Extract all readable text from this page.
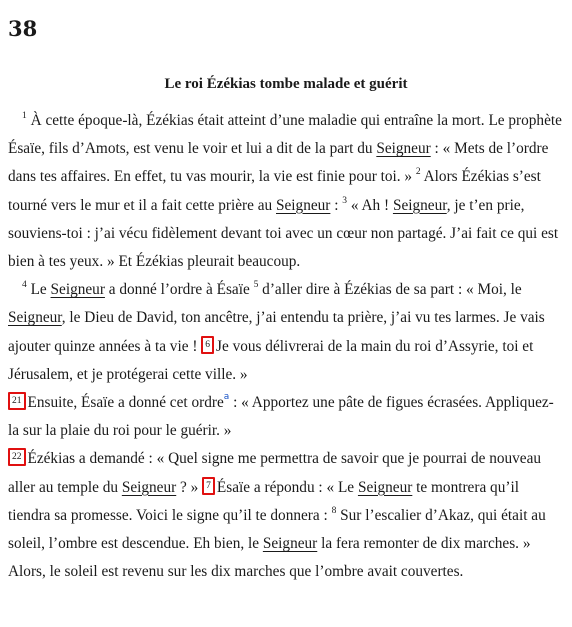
38
Le roi Ézékias tombe malade et guérit

$^1$ À cette époque-là, Ézékias était atteint d’une maladie qui entraîne la mort. Le prophète Ésaïe, fils d’Amots, est venu le voir et lui a dit de la part du Seigneur : « Mets de l’ordre dans tes affaires. En effet, tu vas mourir, la vie est finie pour toi. » $^2$ Alors Ézékias s’est tourné vers le mur et il a fait cette prière au Seigneur : $^3$ « Ah ! Seigneur, je t’en prie, souviens-toi : j’ai vécu fidèlement devant toi avec un cœur non partagé. J’ai fait ce qui est bien à tes yeux. » Et Ézékias pleurait beaucoup.

$^4$ Le Seigneur a donné l’ordre à Ésaïe $^5$ d’aller dire à Ézékias de sa part : « Moi, le Seigneur, le Dieu de David, ton ancêtre, j’ai entendu ta prière, j’ai vu tes larmes. Je vais ajouter quinze années à ta vie ! 6 Je vous délivrerai de la main du roi d’Assyrie, toi et Jérusalem, et je protégerai cette ville. »

21 Ensuite, Ésaïe a donné cet ordre$^a$ : « Apportez une pâte de figues écrasées. Appliquez-la sur la plaie du roi pour le guérir. »

22 Ézékias a demandé : « Quel signe me permettra de savoir que je pourrai de nouveau aller au temple du Seigneur ? » 7 Ésaïe a répondu : « Le Seigneur te montrera qu’il tiendra sa promesse. Voici le signe qu’il te donnera : $^8$ Sur l’escalier d’Akaz, qui était au soleil, l’ombre est descendue. Eh bien, le Seigneur la fera remonter de dix marches. » Alors, le soleil est revenu sur les dix marches que l’ombre avait couvertes.
